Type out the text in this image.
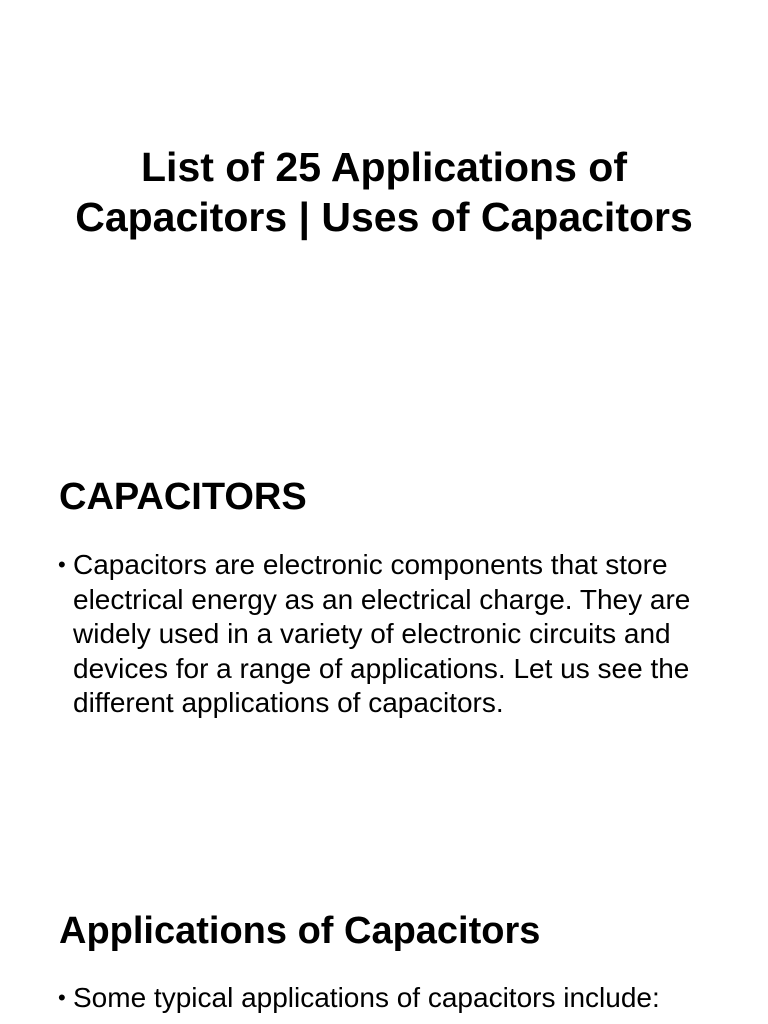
List of 25 Applications of Capacitors | Uses of Capacitors
CAPACITORS
• Capacitors are electronic components that store electrical energy as an electrical charge. They are widely used in a variety of electronic circuits and devices for a range of applications. Let us see the different applications of capacitors.
Applications of Capacitors
• Some typical applications of capacitors include:
